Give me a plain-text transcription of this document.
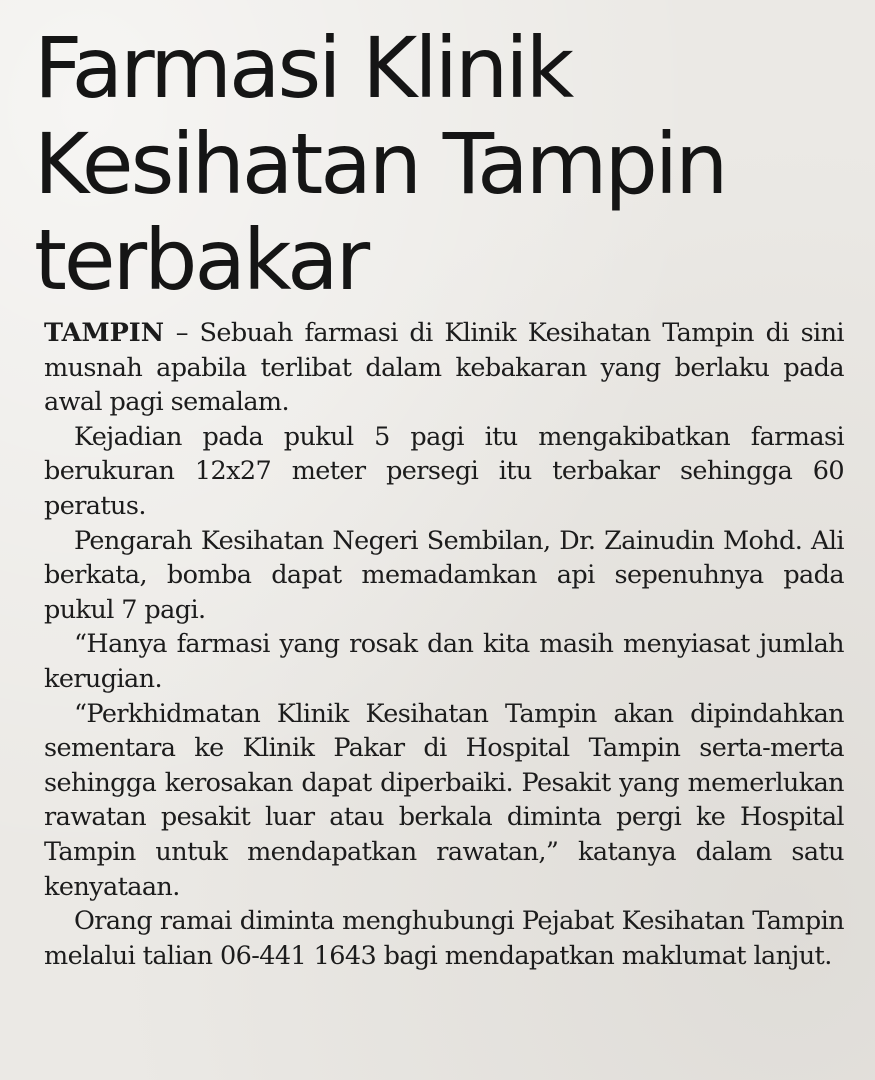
Farmasi Klinik
Kesihatan Tampin
terbakar

TAMPIN – Sebuah farmasi di Klinik Kesihatan Tampin di sini musnah apabila terlibat dalam kebakaran yang berlaku pada awal pagi semalam.

Kejadian pada pukul 5 pagi itu mengakibatkan farmasi berukuran 12x27 meter persegi itu terbakar sehingga 60 peratus.

Pengarah Kesihatan Negeri Sembilan, Dr. Zainudin Mohd. Ali berkata, bomba dapat memadamkan api sepenuhnya pada pukul 7 pagi.

“Hanya farmasi yang rosak dan kita masih menyiasat jumlah kerugian.

“Perkhidmatan Klinik Kesihatan Tampin akan dipindahkan sementara ke Klinik Pakar di Hospital Tampin serta-merta sehingga kerosakan dapat diperbaiki. Pesakit yang memerlukan rawatan pesakit luar atau berkala diminta pergi ke Hospital Tampin untuk mendapatkan rawatan,” katanya dalam satu kenyataan.

Orang ramai diminta menghubungi Pejabat Kesihatan Tampin melalui talian 06-441 1643 bagi mendapatkan maklumat lanjut.
